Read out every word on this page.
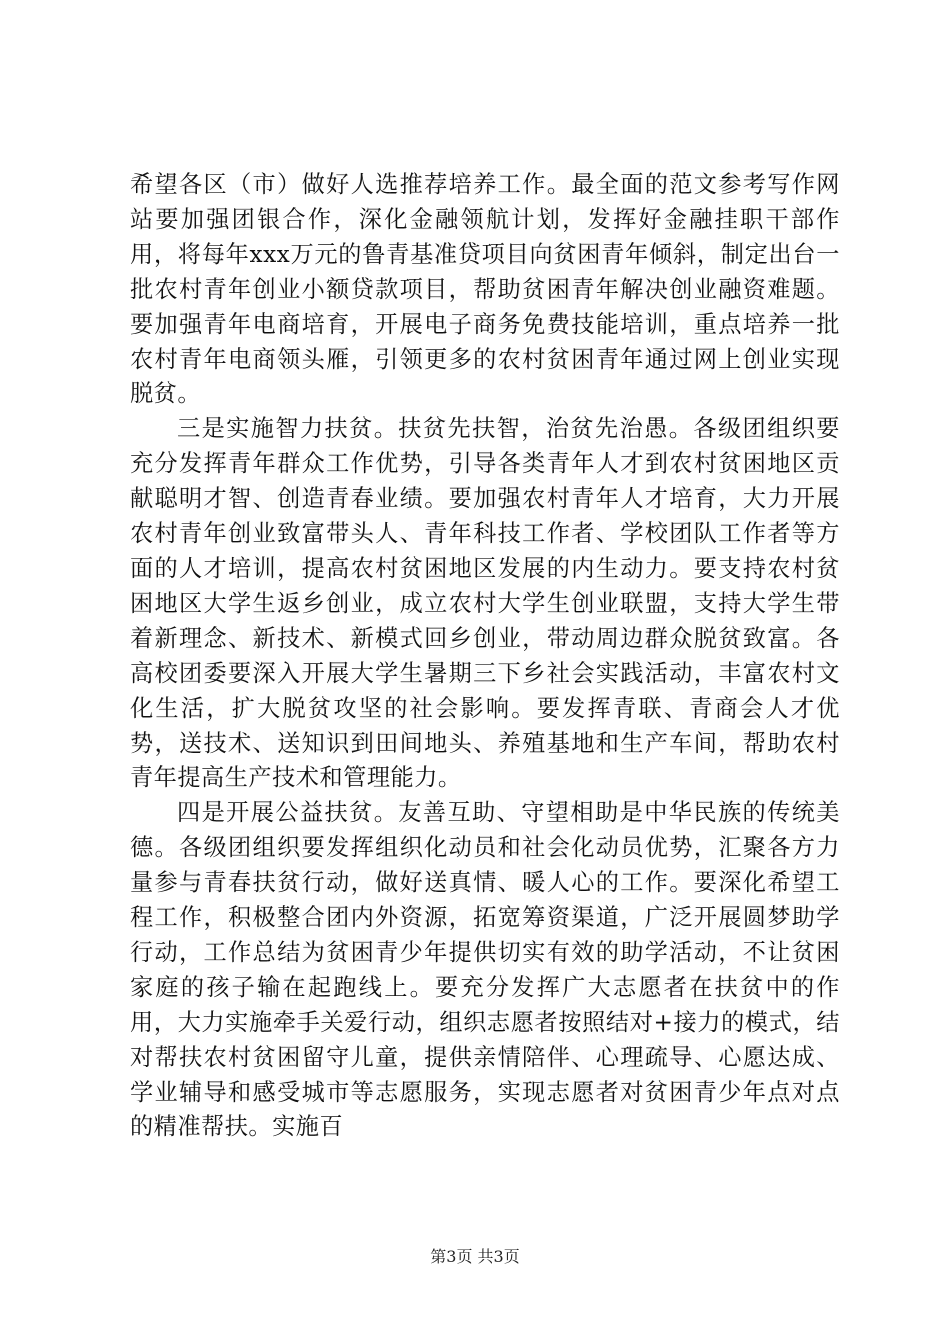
希望各区（市）做好人选推荐培养工作。最全面的范文参考写作网站要加强团银合作，深化金融领航计划，发挥好金融挂职干部作用，将每年xxx万元的鲁青基准贷项目向贫困青年倾斜，制定出台一批农村青年创业小额贷款项目，帮助贫困青年解决创业融资难题。要加强青年电商培育，开展电子商务免费技能培训，重点培养一批农村青年电商领头雁，引领更多的农村贫困青年通过网上创业实现脱贫。

三是实施智力扶贫。扶贫先扶智，治贫先治愚。各级团组织要充分发挥青年群众工作优势，引导各类青年人才到农村贫困地区贡献聪明才智、创造青春业绩。要加强农村青年人才培育，大力开展农村青年创业致富带头人、青年科技工作者、学校团队工作者等方面的人才培训，提高农村贫困地区发展的内生动力。要支持农村贫困地区大学生返乡创业，成立农村大学生创业联盟，支持大学生带着新理念、新技术、新模式回乡创业，带动周边群众脱贫致富。各高校团委要深入开展大学生暑期三下乡社会实践活动，丰富农村文化生活，扩大脱贫攻坚的社会影响。要发挥青联、青商会人才优势，送技术、送知识到田间地头、养殖基地和生产车间，帮助农村青年提高生产技术和管理能力。

四是开展公益扶贫。友善互助、守望相助是中华民族的传统美德。各级团组织要发挥组织化动员和社会化动员优势，汇聚各方力量参与青春扶贫行动，做好送真情、暖人心的工作。要深化希望工程工作，积极整合团内外资源，拓宽筹资渠道，广泛开展圆梦助学行动，工作总结为贫困青少年提供切实有效的助学活动，不让贫困家庭的孩子输在起跑线上。要充分发挥广大志愿者在扶贫中的作用，大力实施牵手关爱行动，组织志愿者按照结对+接力的模式，结对帮扶农村贫困留守儿童，提供亲情陪伴、心理疏导、心愿达成、学业辅导和感受城市等志愿服务，实现志愿者对贫困青少年点对点的精准帮扶。实施百

第3页 共3页
